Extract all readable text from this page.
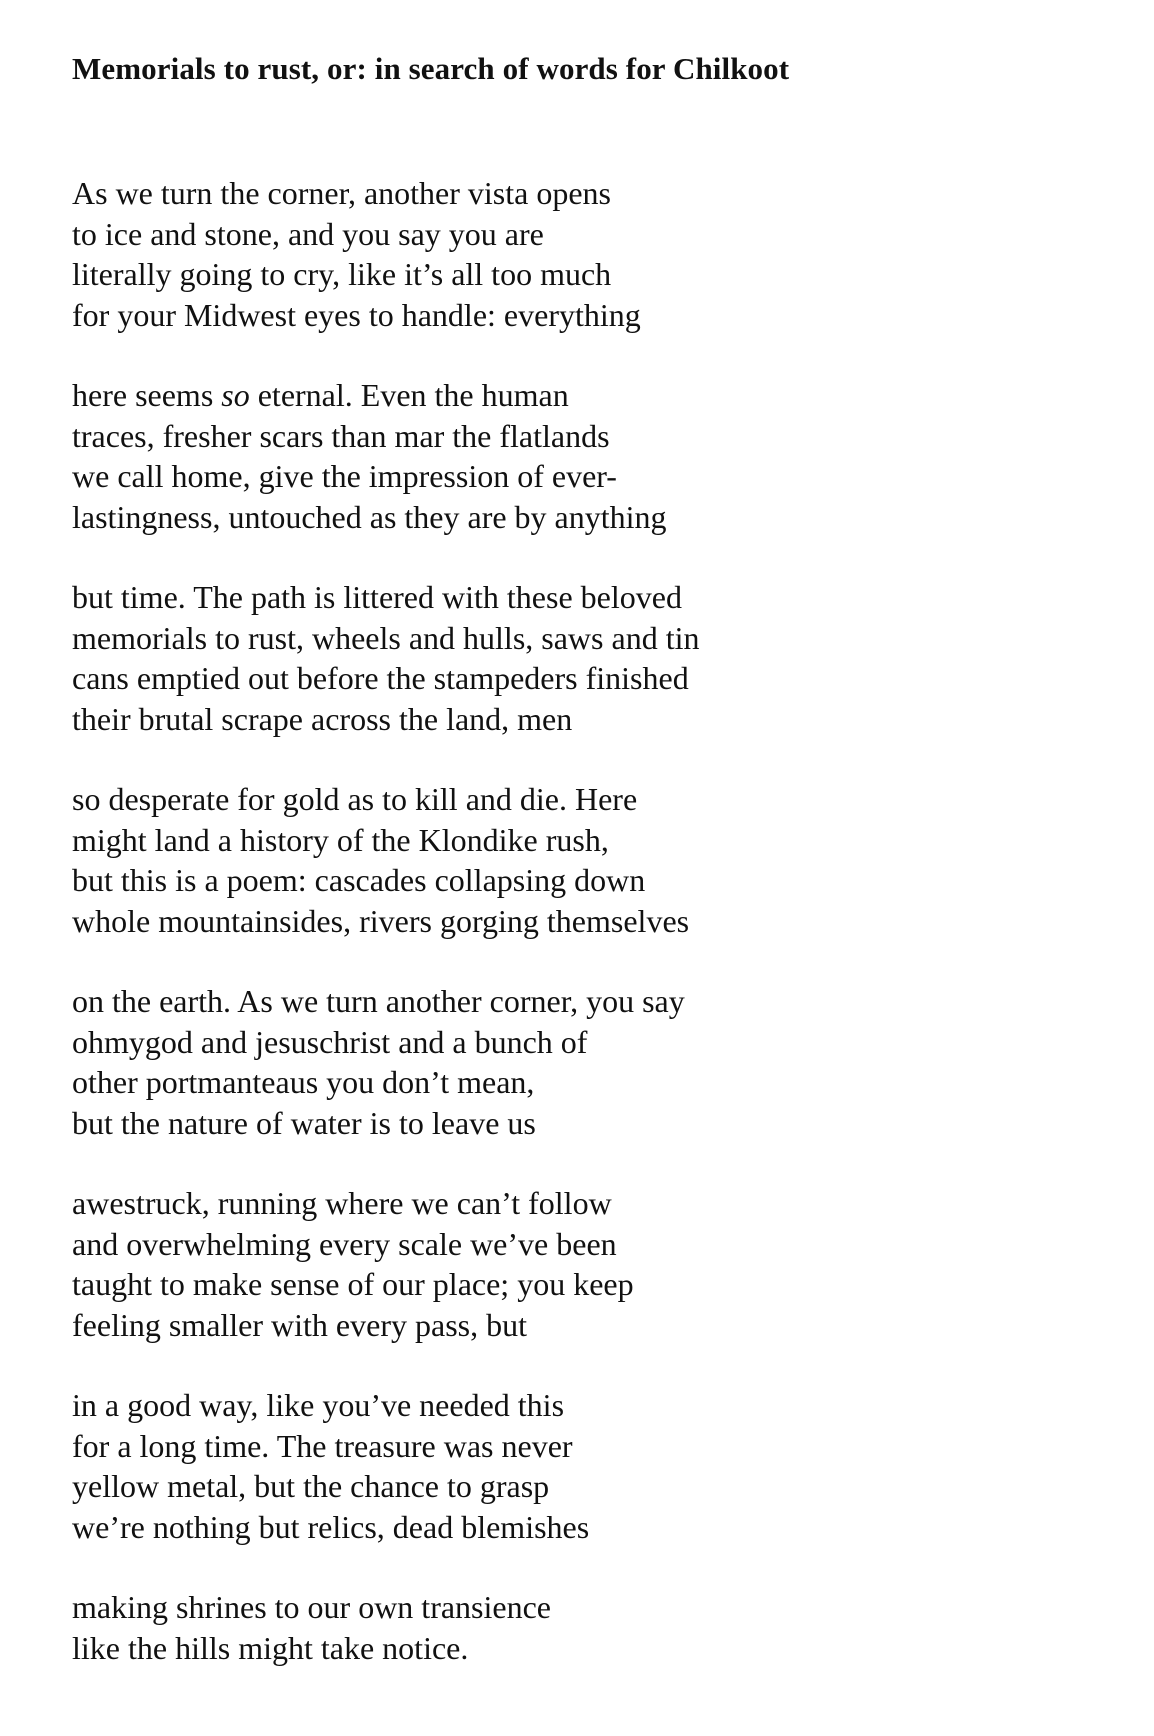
Memorials to rust, or: in search of words for Chilkoot
As we turn the corner, another vista opens
to ice and stone, and you say you are
literally going to cry, like it’s all too much
for your Midwest eyes to handle: everything
here seems so eternal. Even the human
traces, fresher scars than mar the flatlands
we call home, give the impression of ever-
lastingness, untouched as they are by anything
but time. The path is littered with these beloved
memorials to rust, wheels and hulls, saws and tin
cans emptied out before the stampeders finished
their brutal scrape across the land, men
so desperate for gold as to kill and die. Here
might land a history of the Klondike rush,
but this is a poem: cascades collapsing down
whole mountainsides, rivers gorging themselves
on the earth. As we turn another corner, you say
ohmygod and jesuschrist and a bunch of
other portmanteaus you don’t mean,
but the nature of water is to leave us
awestruck, running where we can’t follow
and overwhelming every scale we’ve been
taught to make sense of our place; you keep
feeling smaller with every pass, but
in a good way, like you’ve needed this
for a long time. The treasure was never
yellow metal, but the chance to grasp
we’re nothing but relics, dead blemishes
making shrines to our own transience
like the hills might take notice.
